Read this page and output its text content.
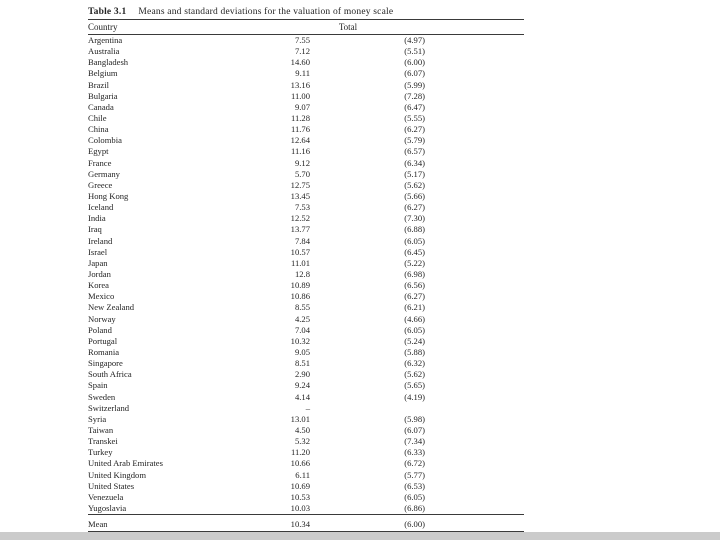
Table 3.1 Means and standard deviations for the valuation of money scale
Country	Total
Argentina	7.55	(4.97)
Australia	7.12	(5.51)
Bangladesh	14.60	(6.00)
Belgium	9.11	(6.07)
Brazil	13.16	(5.99)
Bulgaria	11.00	(7.28)
Canada	9.07	(6.47)
Chile	11.28	(5.55)
China	11.76	(6.27)
Colombia	12.64	(5.79)
Egypt	11.16	(6.57)
France	9.12	(6.34)
Germany	5.70	(5.17)
Greece	12.75	(5.62)
Hong Kong	13.45	(5.66)
Iceland	7.53	(6.27)
India	12.52	(7.30)
Iraq	13.77	(6.88)
Ireland	7.84	(6.05)
Israel	10.57	(6.45)
Japan	11.01	(5.22)
Jordan	12.8	(6.98)
Korea	10.89	(6.56)
Mexico	10.86	(6.27)
New Zealand	8.55	(6.21)
Norway	4.25	(4.66)
Poland	7.04	(6.05)
Portugal	10.32	(5.24)
Romania	9.05	(5.88)
Singapore	8.51	(6.32)
South Africa	2.90	(5.62)
Spain	9.24	(5.65)
Sweden	4.14	(4.19)
Switzerland	–
Syria	13.01	(5.98)
Taiwan	4.50	(6.07)
Transkei	5.32	(7.34)
Turkey	11.20	(6.33)
United Arab Emirates	10.66	(6.72)
United Kingdom	6.11	(5.77)
United States	10.69	(6.53)
Venezuela	10.53	(6.05)
Yugoslavia	10.03	(6.86)
Mean	10.34	(6.00)
